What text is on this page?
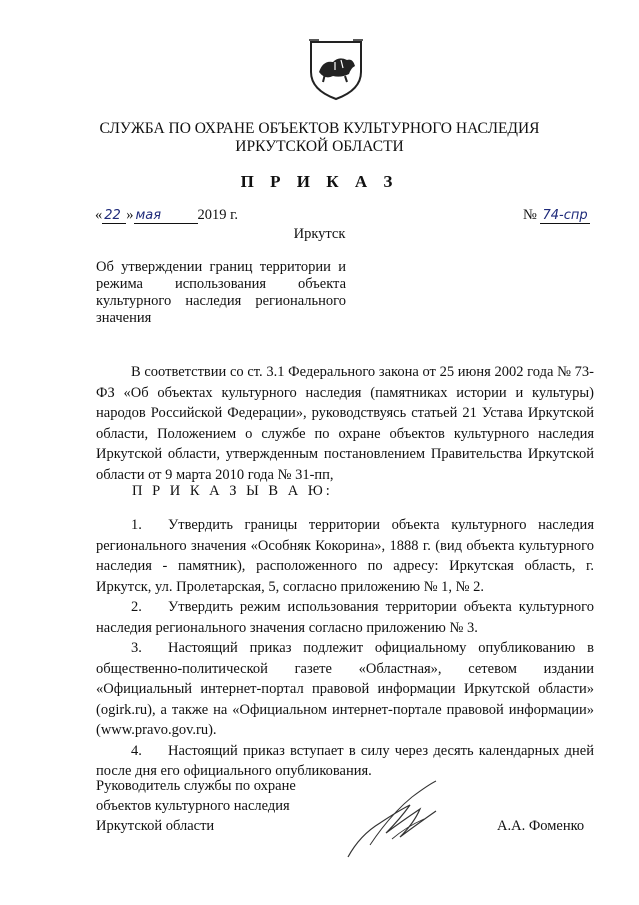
СЛУЖБА ПО ОХРАНЕ ОБЪЕКТОВ КУЛЬТУРНОГО НАСЛЕДИЯ
ИРКУТСКОЙ ОБЛАСТИ
П Р И К А З
« 22 » мая	2019 г.	№ 74-спр
Иркутск
Об утверждении границ территории и режима использования объекта культурного наследия регионального значения
В соответствии со ст. 3.1 Федерального закона от 25 июня 2002 года № 73-ФЗ «Об объектах культурного наследия (памятниках истории и культуры) народов Российской Федерации», руководствуясь статьей 21 Устава Иркутской области, Положением о службе по охране объектов культурного наследия Иркутской области, утвержденным постановлением Правительства Иркутской области от 9 марта 2010 года № 31-пп,
П Р И К А З Ы В А Ю:
1. Утвердить границы территории объекта культурного наследия регионального значения «Особняк Кокорина», 1888 г. (вид объекта культурного наследия - памятник), расположенного по адресу: Иркутская область, г. Иркутск, ул. Пролетарская, 5, согласно приложению № 1, № 2.
2. Утвердить режим использования территории объекта культурного наследия регионального значения согласно приложению № 3.
3. Настоящий приказ подлежит официальному опубликованию в общественно-политической газете «Областная», сетевом издании «Официальный интернет-портал правовой информации Иркутской области» (ogirk.ru), а также на «Официальном интернет-портале правовой информации» (www.pravo.gov.ru).
4. Настоящий приказ вступает в силу через десять календарных дней после дня его официального опубликования.
Руководитель службы по охране
объектов культурного наследия
Иркутской области	А.А. Фоменко
